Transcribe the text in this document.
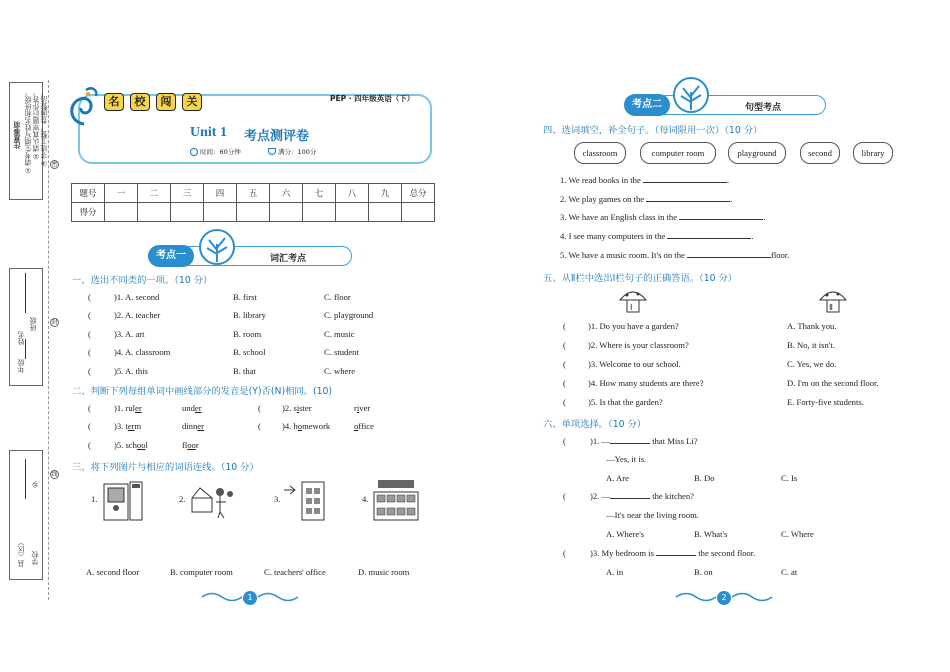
注意事项 ①请考生填写姓名和班级。 ②请认真审题后作答。 ③字迹工整，卷面整洁。
年级
班级
姓名
县（区）
乡
学校
密
封
线
名	校	闯	关	PEP · 四年级英语（下）
Unit 1 考点测评卷
时间：60分钟	满分：100分
题号	一	二	三	四	五	六	七	八	九	总分
得分										
考点一	词汇考点
一、选出不同类的一项。（10 分）
(	)1. A. second	B. first	C. floor
(	)2. A. teacher	B. library	C. playground
(	)3. A. art	B. room	C. music
(	)4. A. classroom	B. school	C. student
(	)5. A. this	B. that	C. where
二、判断下列每组单词中画线部分的发音是(Y)否(N)相同。(10)
(	)1. ruler	under	( )2. sister	river
(	)3. term	dinner	( )4. homework	office
(	)5. school	floor
三、将下列图片与相应的词语连线。（10 分）
1.	2.	3.	4.
A. second floor	B. computer room	C. teachers' office	D. music room
1
考点二	句型考点
四、选词填空，补全句子。（每词限用一次）（10 分）
classroom	computer room	playground	second	library
1. We read books in the	.
2. We play games on the	.
3. We have an English class in the	.
4. I see many computers in the	.
5. We have a music room. It's on the	floor.
五、从Ⅱ栏中选出Ⅰ栏句子的正确答语。（10 分）
Ⅰ	Ⅱ
(	)1. Do you have a garden?	A. Thank you.
(	)2. Where is your classroom?	B. No, it isn't.
(	)3. Welcome to our school.	C. Yes, we do.
(	)4. How many students are there?	D. I'm on the second floor.
(	)5. Is that the garden?	E. Forty-five students.
六、单项选择。（10 分）
(	)1. —	that Miss Li?
—Yes, it is.
A. Are	B. Do	C. Is
(	)2. —	the kitchen?
—It's near the living room.
A. Where's	B. What's	C. Where
(	)3. My bedroom is	the second floor.
A. in	B. on	C. at
2
